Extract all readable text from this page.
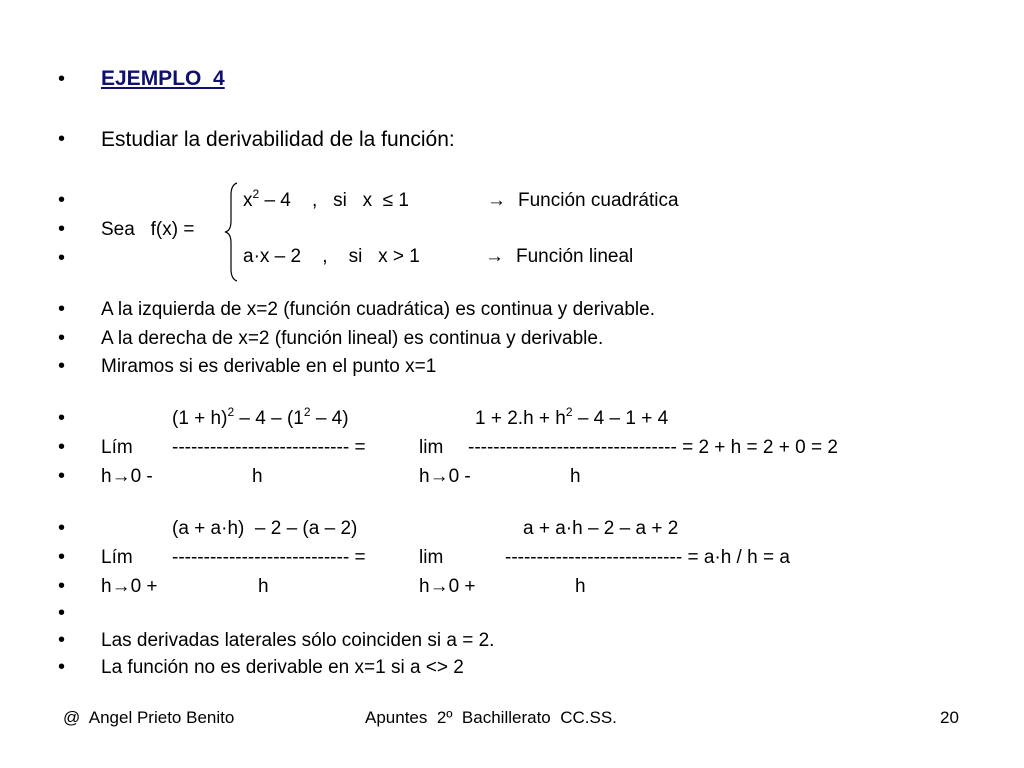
•
•
•
•
•
•
•
•
•
•
•
•
•
•
•
•
•
EJEMPLO  4
Estudiar la derivabilidad de la función:
Sea   f(x) =
$x^2 - 4$    ,   si   x  ≤ 1	→ Función cuadrática
a·x – 2    ,    si   x > 1	→ Función lineal
A la izquierda de x=2 (función cuadrática) es continua y derivable.
A la derecha de x=2 (función lineal) es continua y derivable.
Miramos si es derivable en el punto x=1
$(1 + h)^2 - 4 - (1^2 - 4)$	$1 + 2.h + h^2 - 4 - 1 + 4$
Lím ---------------------------- =	lim --------------------------------- = 2 + h = 2 + 0 = 2
h→0 -	h	h→0 -	h
(a + a·h)  – 2 – (a – 2)	a + a·h – 2 – a + 2
Lím ---------------------------- =	lim	---------------------------- = a·h / h = a
h→0 +	h	h→0 +	h
Las derivadas laterales sólo coinciden si a = 2.
La función no es derivable en x=1 si a <> 2
@  Angel Prieto Benito	Apuntes  2º  Bachillerato  CC.SS.	20
